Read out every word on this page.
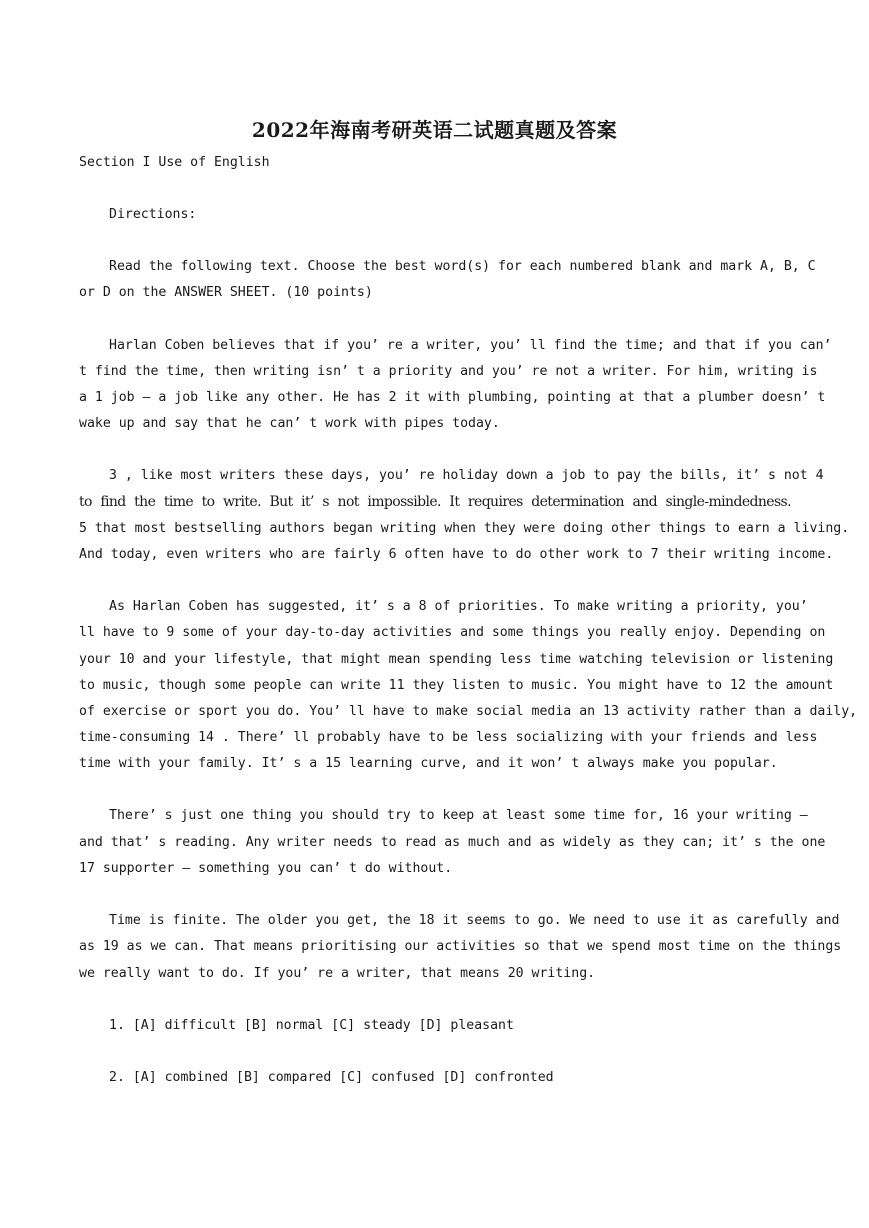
2022年海南考研英语二试题真题及答案
Section I Use of English
Directions:
Read the following text. Choose the best word(s) for each numbered blank and mark A, B, C
or D on the ANSWER SHEET. (10 points)
Harlan Coben believes that if you’ re a writer, you’ ll find the time; and that if you can’
t find the time, then writing isn’ t a priority and you’ re not a writer. For him, writing is
a 1 job – a job like any other. He has 2 it with plumbing, pointing at that a plumber doesn’ t
wake up and say that he can’ t work with pipes today.
3 , like most writers these days, you’ re holiday down a job to pay the bills, it’ s not 4
to find the time to write. But it’ s not impossible. It requires determination and single-mindedness.
5 that most bestselling authors began writing when they were doing other things to earn a living.
And today, even writers who are fairly 6 often have to do other work to 7 their writing income.
As Harlan Coben has suggested, it’ s a 8 of priorities. To make writing a priority, you’
ll have to 9 some of your day-to-day activities and some things you really enjoy. Depending on
your 10 and your lifestyle, that might mean spending less time watching television or listening
to music, though some people can write 11 they listen to music. You might have to 12 the amount
of exercise or sport you do. You’ ll have to make social media an 13 activity rather than a daily,
time-consuming 14 . There’ ll probably have to be less socializing with your friends and less
time with your family. It’ s a 15 learning curve, and it won’ t always make you popular.
There’ s just one thing you should try to keep at least some time for, 16 your writing –
and that’ s reading. Any writer needs to read as much and as widely as they can; it’ s the one
17 supporter – something you can’ t do without.
Time is finite. The older you get, the 18 it seems to go. We need to use it as carefully and
as 19 as we can. That means prioritising our activities so that we spend most time on the things
we really want to do. If you’ re a writer, that means 20 writing.
1. [A] difficult [B] normal [C] steady [D] pleasant
2. [A] combined [B] compared [C] confused [D] confronted
